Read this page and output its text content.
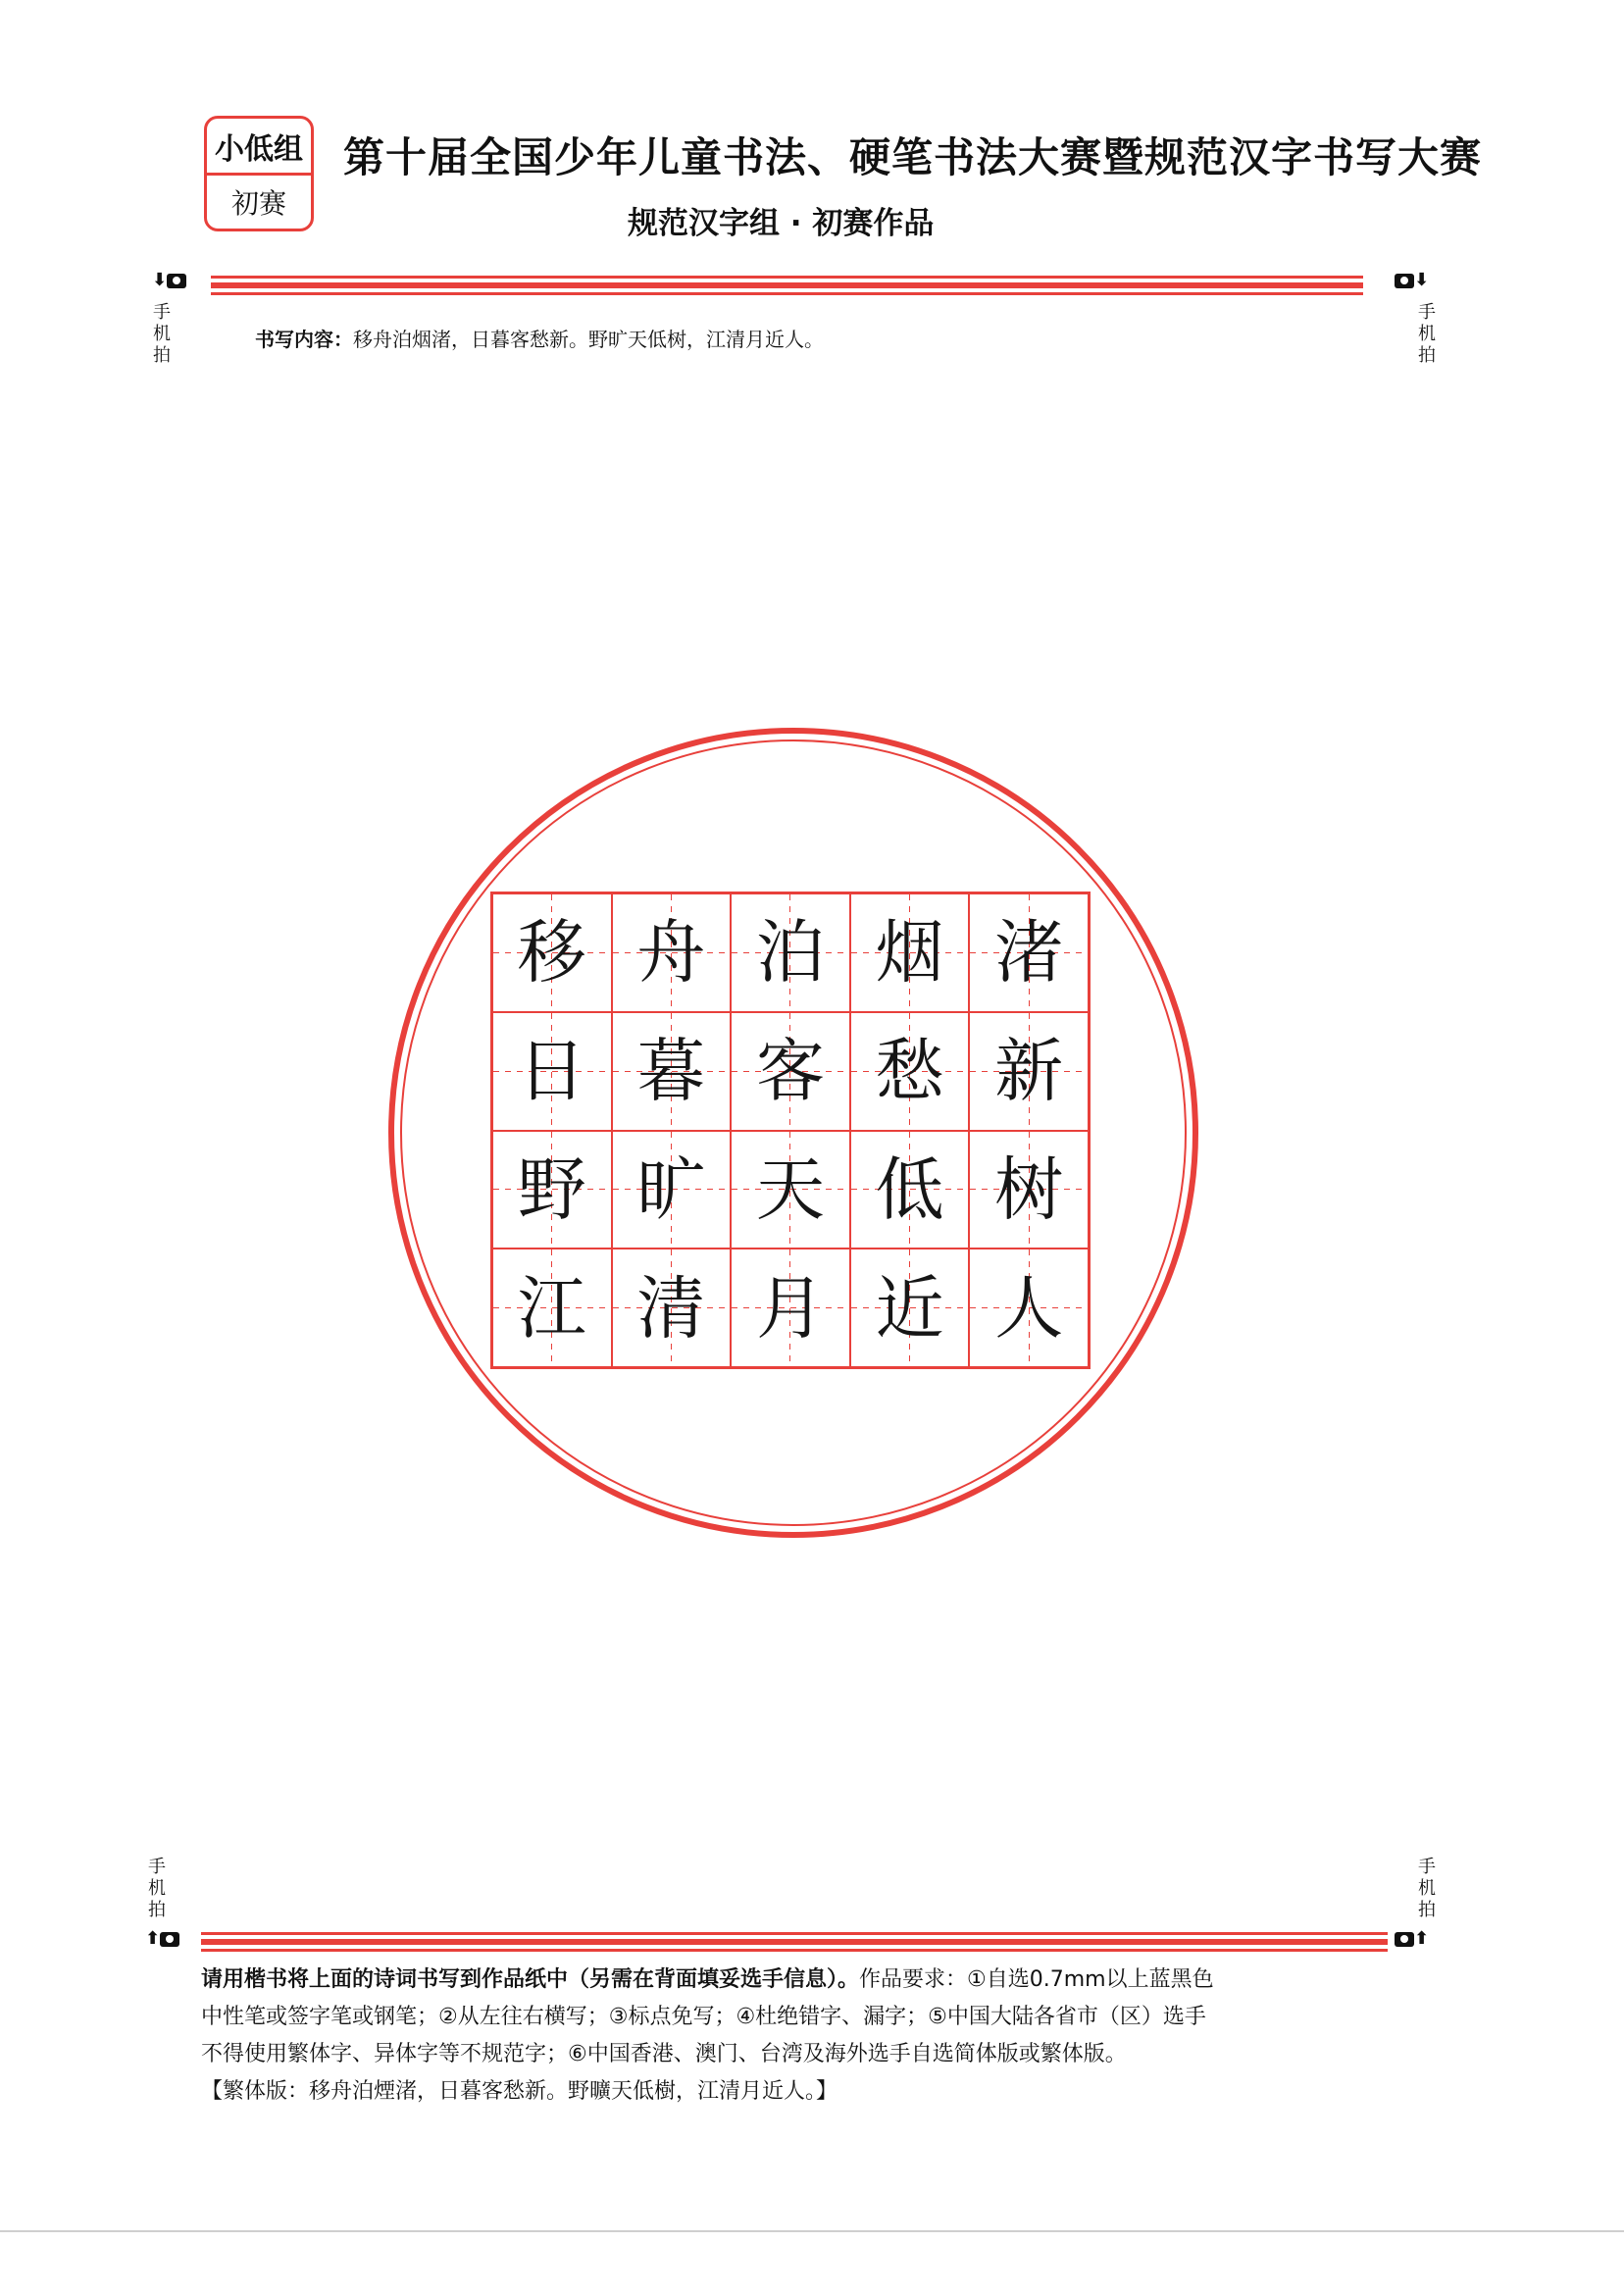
小低组
初赛
第十届全国少年儿童书法、硬笔书法大赛暨规范汉字书写大赛
规范汉字组 · 初赛作品
⬇
手机拍
⬇
手机拍
书写内容：移舟泊烟渚，日暮客愁新。野旷天低树，江清月近人。
移 舟 泊 烟 渚
日 暮 客 愁 新
野 旷 天 低 树
江 清 月 近 人
手机拍
⬆
手机拍
⬆

请用楷书将上面的诗词书写到作品纸中（另需在背面填妥选手信息）。作品要求：①自选0.7mm以上蓝黑色

中性笔或签字笔或钢笔；②从左往右横写；③标点免写；④杜绝错字、漏字；⑤中国大陆各省市（区）选手

不得使用繁体字、异体字等不规范字；⑥中国香港、澳门、台湾及海外选手自选简体版或繁体版。

【繁体版：移舟泊煙渚，日暮客愁新。野曠天低樹，江清月近人。】
